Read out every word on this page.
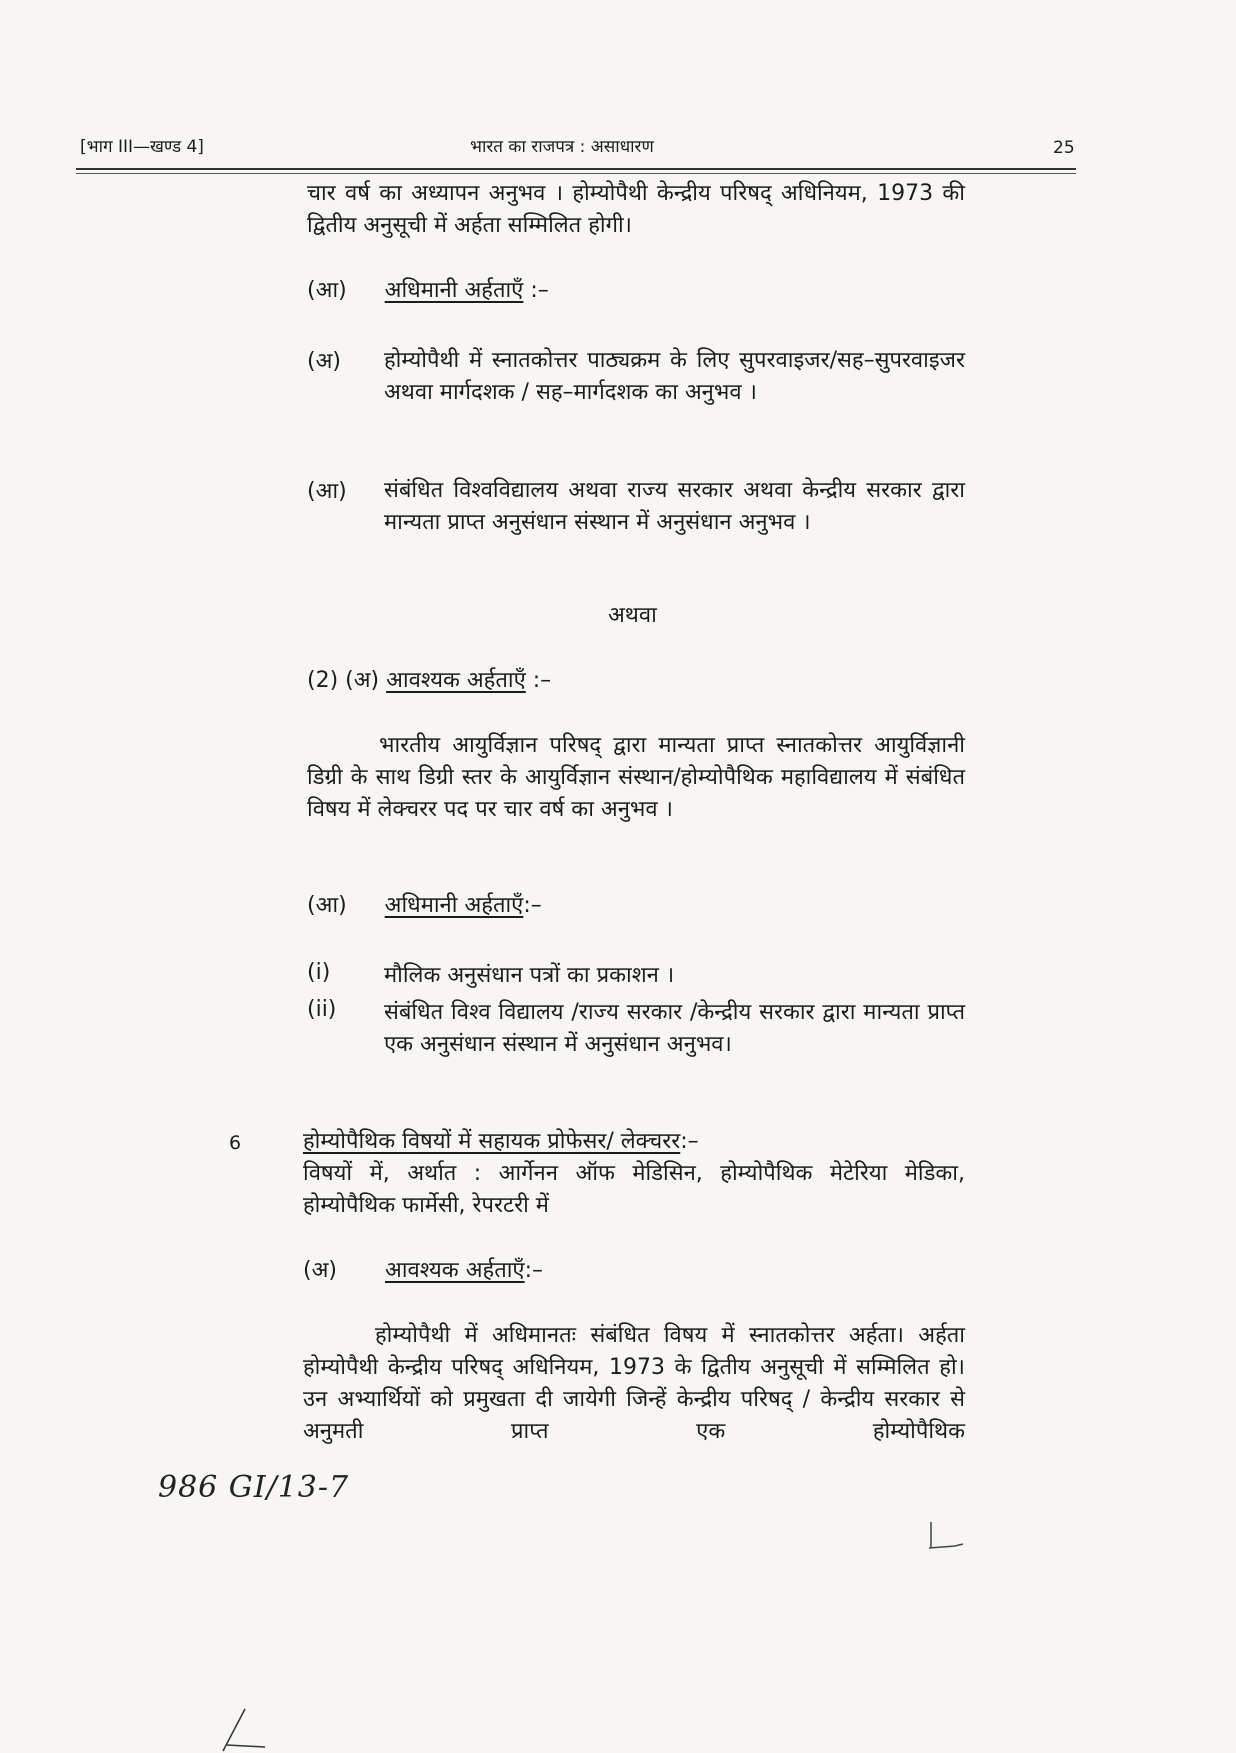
[भाग III—खण्ड 4]	भारत का राजपत्र : असाधारण	25
चार वर्ष का अध्यापन अनुभव । होम्योपैथी केन्द्रीय परिषद् अधिनियम, 1973 की द्वितीय अनुसूची में अर्हता सम्मिलित होगी।
(आ) अधिमानी अर्हताएँ :–
(अ) होम्योपैथी में स्नातकोत्तर पाठ्यक्रम के लिए सुपरवाइजर/सह–सुपरवाइजर अथवा मार्गदशक / सह–मार्गदशक का अनुभव ।
(आ) संबंधित विश्वविद्यालय अथवा राज्य सरकार अथवा केन्द्रीय सरकार द्वारा मान्यता प्राप्त अनुसंधान संस्थान में अनुसंधान अनुभव ।
अथवा
(2) (अ) आवश्यक अर्हताएँ :–
भारतीय आयुर्विज्ञान परिषद् द्वारा मान्यता प्राप्त स्नातकोत्तर आयुर्विज्ञानी डिग्री के साथ डिग्री स्तर के आयुर्विज्ञान संस्थान/होम्योपैथिक महाविद्यालय में संबंधित विषय में लेक्चरर पद पर चार वर्ष का अनुभव ।
(आ) अधिमानी अर्हताएँ:–
(i) मौलिक अनुसंधान पत्रों का प्रकाशन ।
(ii) संबंधित विश्व विद्यालय /राज्य सरकार /केन्द्रीय सरकार द्वारा मान्यता प्राप्त एक अनुसंधान संस्थान में अनुसंधान अनुभव।
6	होम्योपैथिक विषयों में सहायक प्रोफेसर/ लेक्चरर:–
विषयों में, अर्थात : आर्गेनन ऑफ मेडिसिन, होम्योपैथिक मेटेरिया मेडिका, होम्योपैथिक फार्मेसी, रेपरटरी में
(अ) आवश्यक अर्हताएँ:–
होम्योपैथी में अधिमानतः संबंधित विषय में स्नातकोत्तर अर्हता। अर्हता होम्योपैथी केन्द्रीय परिषद् अधिनियम, 1973 के द्वितीय अनुसूची में सम्मिलित हो। उन अभ्यार्थियों को प्रमुखता दी जायेगी जिन्हें केन्द्रीय परिषद् / केन्द्रीय सरकार से अनुमती प्राप्त एक होम्योपैथिक
986 GI/13-7
